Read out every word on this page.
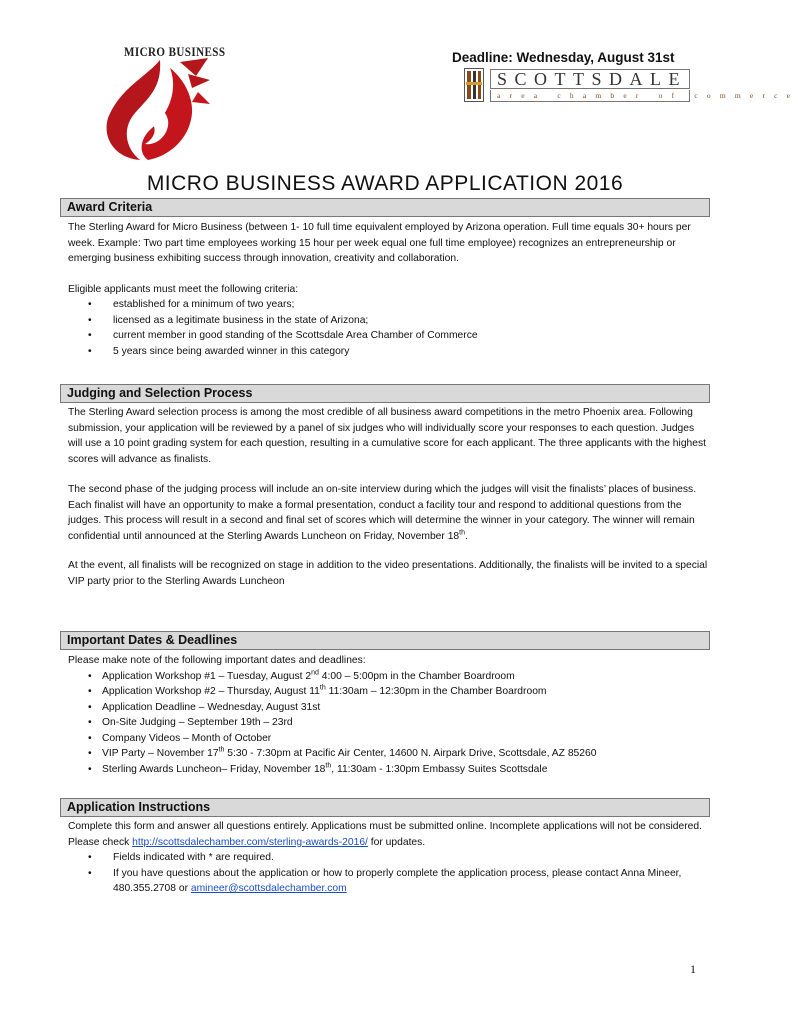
MICRO BUSINESS	Deadline: Wednesday, August 31st
SCOTTSDALE
area chamber of commerce
MICRO BUSINESS AWARD APPLICATION 2016
Award Criteria

The Sterling Award for Micro Business (between 1- 10 full time equivalent employed by Arizona operation. Full time equals 30+ hours per week. Example: Two part time employees working 15 hour per week equal one full time employee) recognizes an entrepreneurship or emerging business exhibiting success through innovation, creativity and collaboration.

Eligible applicants must meet the following criteria:

• established for a minimum of two years;
• licensed as a legitimate business in the state of Arizona;
• current member in good standing of the Scottsdale Area Chamber of Commerce
• 5 years since being awarded winner in this category
Judging and Selection Process

The Sterling Award selection process is among the most credible of all business award competitions in the metro Phoenix area. Following submission, your application will be reviewed by a panel of six judges who will individually score your responses to each question. Judges will use a 10 point grading system for each question, resulting in a cumulative score for each applicant. The three applicants with the highest scores will advance as finalists.

The second phase of the judging process will include an on-site interview during which the judges will visit the finalists’ places of business. Each finalist will have an opportunity to make a formal presentation, conduct a facility tour and respond to additional questions from the judges. This process will result in a second and final set of scores which will determine the winner in your category. The winner will remain confidential until announced at the Sterling Awards Luncheon on Friday, November 18th.

At the event, all finalists will be recognized on stage in addition to the video presentations. Additionally, the finalists will be invited to a special VIP party prior to the Sterling Awards Luncheon

Important Dates & Deadlines

Please make note of the following important dates and deadlines:

• Application Workshop #1 – Tuesday, August 2nd 4:00 – 5:00pm in the Chamber Boardroom
• Application Workshop #2 – Thursday, August 11th 11:30am – 12:30pm in the Chamber Boardroom
• Application Deadline – Wednesday, August 31st
• On-Site Judging – September 19th – 23rd
• Company Videos – Month of October
• VIP Party – November 17th 5:30 - 7:30pm at Pacific Air Center, 14600 N. Airpark Drive, Scottsdale, AZ 85260
• Sterling Awards Luncheon– Friday, November 18th, 11:30am - 1:30pm Embassy Suites Scottsdale
Application Instructions

Complete this form and answer all questions entirely. Applications must be submitted online. Incomplete applications will not be considered. Please check http://scottsdalechamber.com/sterling-awards-2016/ for updates.

• Fields indicated with * are required.
• If you have questions about the application or how to properly complete the application process, please contact Anna Mineer, 480.355.2708 or amineer@scottsdalechamber.com
1
